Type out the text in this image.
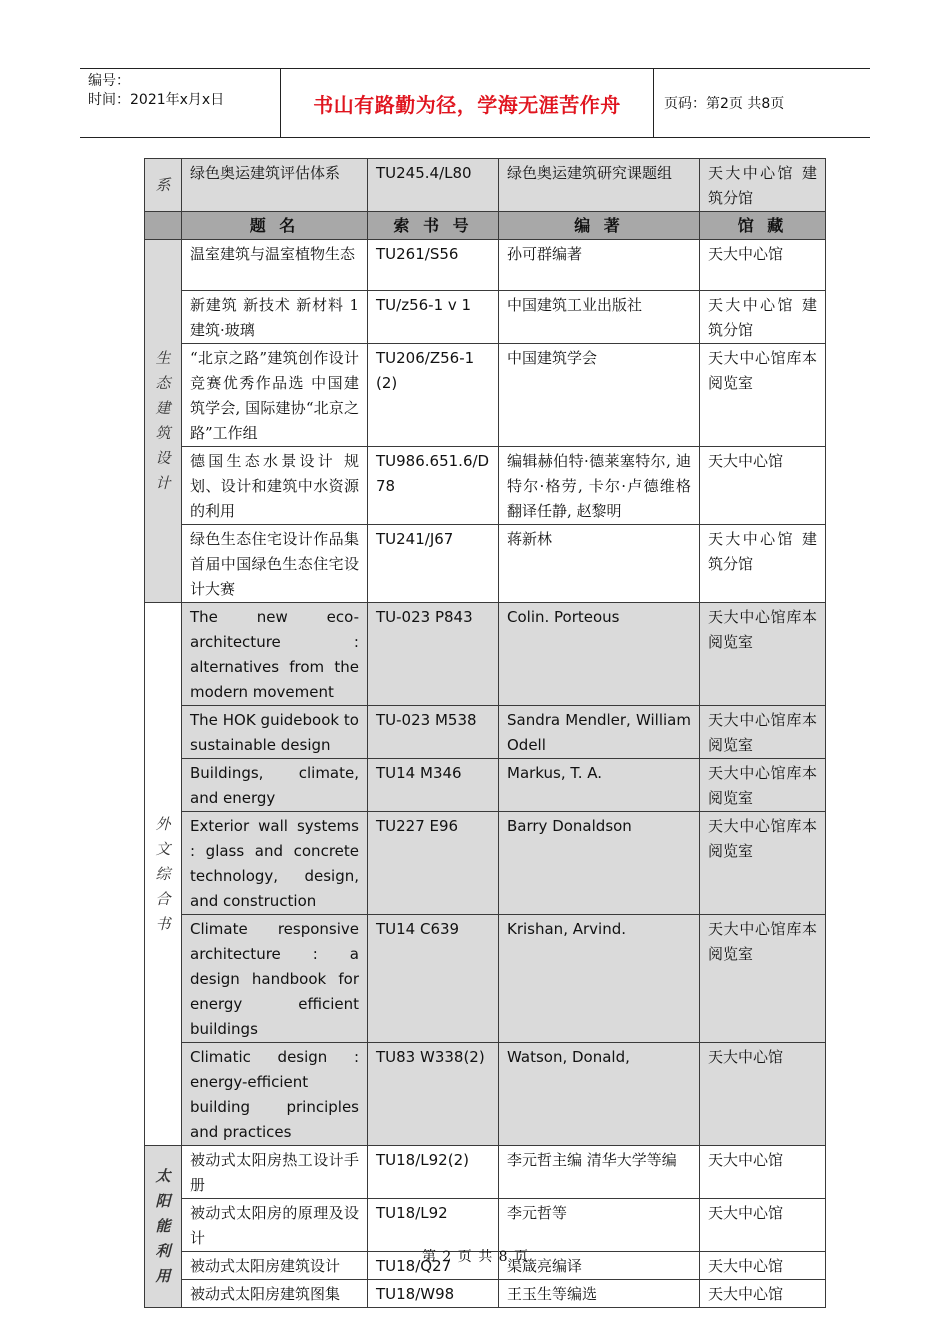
编号：
时间：2021年x月x日	书山有路勤为径，学海无涯苦作舟	页码：第2页 共8页
系	绿色奥运建筑评估体系	TU245.4/L80	绿色奥运建筑研究课题组	天大中心馆 建筑分馆
	题 名	索 书 号	编 著	馆 藏
生态建筑设计	温室建筑与温室植物生态	TU261/S56	孙可群编著	天大中心馆
	新建筑 新技术 新材料 1 建筑·玻璃	TU/z56-1 v 1	中国建筑工业出版社	天大中心馆 建筑分馆
	“北京之路”建筑创作设计竞赛优秀作品选 中国建筑学会, 国际建协“北京之路”工作组	TU206/Z56-1(2)	中国建筑学会	天大中心馆库本阅览室
	德国生态水景设计 规划、设计和建筑中水资源的利用	TU986.651.6/D78	编辑赫伯特·德莱塞特尔, 迪特尔·格劳, 卡尔·卢德维格 翻译任静, 赵黎明	天大中心馆
	绿色生态住宅设计作品集 首届中国绿色生态住宅设计大赛	TU241/J67	蒋新林	天大中心馆 建筑分馆
外文综合书	The new eco-architecture : alternatives from the modern movement	TU-023 P843	Colin. Porteous	天大中心馆库本阅览室
	The HOK guidebook to sustainable design	TU-023 M538	Sandra Mendler, William Odell	天大中心馆库本阅览室
	Buildings, climate, and energy	TU14 M346	Markus, T. A.	天大中心馆库本阅览室
	Exterior wall systems : glass and concrete technology, design, and construction	TU227 E96	Barry Donaldson	天大中心馆库本阅览室
	Climate responsive architecture : a design handbook for energy efficient buildings	TU14 C639	Krishan, Arvind.	天大中心馆库本阅览室
	Climatic design : energy-efficient building principles and practices	TU83 W338(2)	Watson, Donald,	天大中心馆
太阳能利用	被动式太阳房热工设计手册	TU18/L92(2)	李元哲主编 清华大学等编	天大中心馆
	被动式太阳房的原理及设计	TU18/L92	李元哲等	天大中心馆
	被动式太阳房建筑设计	TU18/Q27	渠箴亮编译	天大中心馆
	被动式太阳房建筑图集	TU18/W98	王玉生等编选	天大中心馆
第 2 页 共 8 页
